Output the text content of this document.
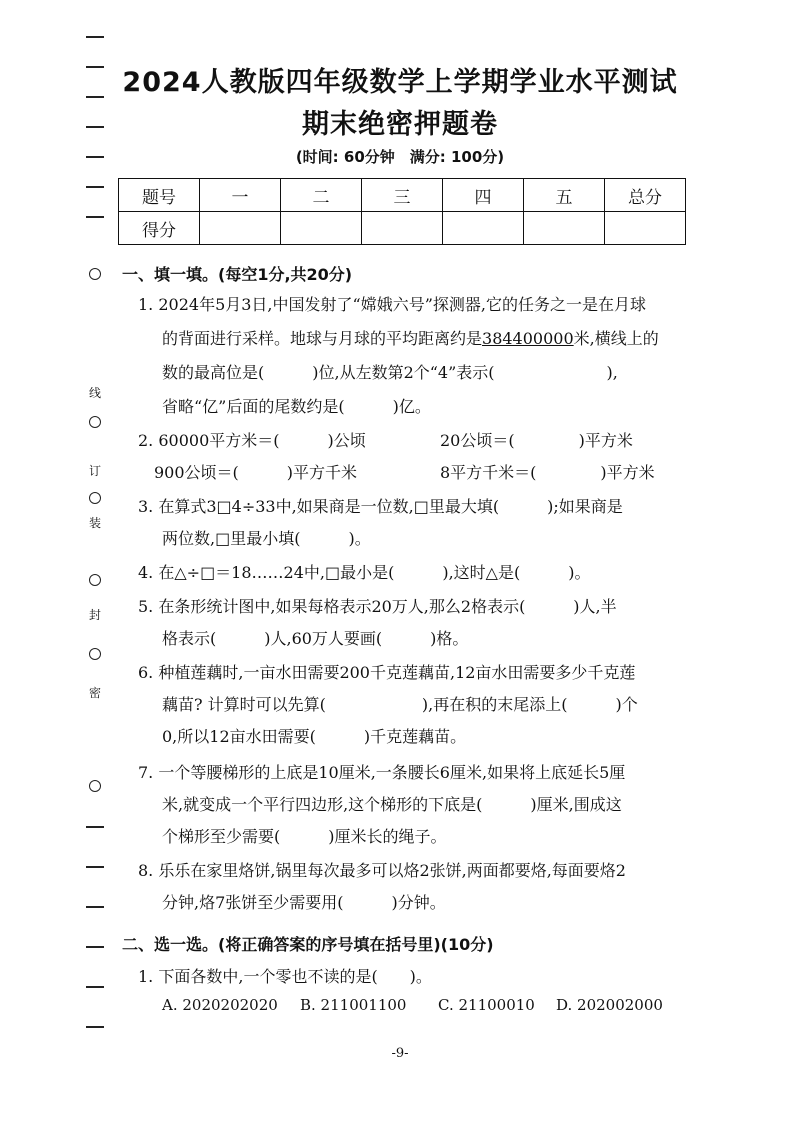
线
订
装
封
密
2024人教版四年级数学上学期学业水平测试
期末绝密押题卷
(时间: 60分钟　满分: 100分)
题号	一	二	三	四	五	总分
得分						
一、填一填。(每空1分,共20分)
1. 2024年5月3日,中国发射了“嫦娥六号”探测器,它的任务之一是在月球
的背面进行采样。地球与月球的平均距离约是384400000米,横线上的
数的最高位是(　　　)位,从左数第2个“4”表示(　　　　　　　),
省略“亿”后面的尾数约是(　　　)亿。
2. 60000平方米＝(　　　)公顷	20公顷＝(　　　　)平方米
900公顷＝(　　　)平方千米	8平方千米＝(　　　　)平方米
3. 在算式3□4÷33中,如果商是一位数,□里最大填(　　　);如果商是
两位数,□里最小填(　　　)。
4. 在△÷□＝18……24中,□最小是(　　　),这时△是(　　　)。
5. 在条形统计图中,如果每格表示20万人,那么2格表示(　　　)人,半
格表示(　　　)人,60万人要画(　　　)格。
6. 种植莲藕时,一亩水田需要200千克莲藕苗,12亩水田需要多少千克莲
藕苗? 计算时可以先算(　　　　　　),再在积的末尾添上(　　　)个
0,所以12亩水田需要(　　　)千克莲藕苗。
7. 一个等腰梯形的上底是10厘米,一条腰长6厘米,如果将上底延长5厘
米,就变成一个平行四边形,这个梯形的下底是(　　　)厘米,围成这
个梯形至少需要(　　　)厘米长的绳子。
8. 乐乐在家里烙饼,锅里每次最多可以烙2张饼,两面都要烙,每面要烙2
分钟,烙7张饼至少需要用(　　　)分钟。
二、选一选。(将正确答案的序号填在括号里)(10分)
1. 下面各数中,一个零也不读的是(　　)。
A. 2020202020 B. 211001100 C. 21100010 D. 202002000
-9-
